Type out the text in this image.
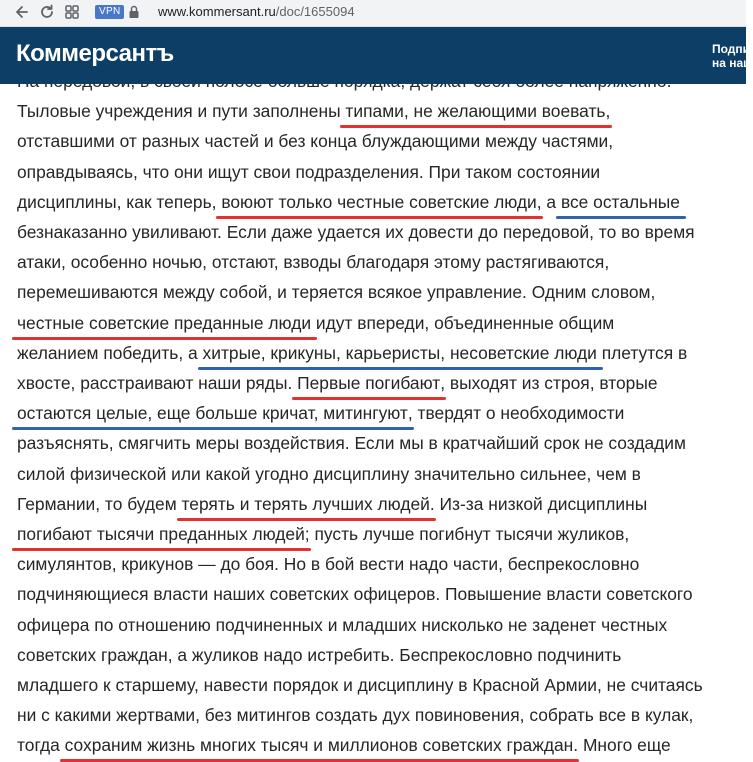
VPN	www.kommersant.ru/doc/1655094
Коммерсантъ	Подпи
на наш
Тыловые учреждения и пути заполнены типами, не желающими воевать,
отставшими от разных частей и без конца блуждающими между частями,
оправдываясь, что они ищут свои подразделения. При таком состоянии
дисциплины, как теперь, воюют только честные советские люди, а все остальные
безнаказанно увиливают. Если даже удается их довести до передовой, то во время
атаки, особенно ночью, отстают, взводы благодаря этому растягиваются,
перемешиваются между собой, и теряется всякое управление. Одним словом,
честные советские преданные люди идут впереди, объединенные общим
желанием победить, а хитрые, крикуны, карьеристы, несоветские люди плетутся в
хвосте, расстраивают наши ряды. Первые погибают, выходят из строя, вторые
остаются целые, еще больше кричат, митингуют, твердят о необходимости
разъяснять, смягчить меры воздействия. Если мы в кратчайший срок не создадим
силой физической или какой угодно дисциплину значительно сильнее, чем в
Германии, то будем терять и терять лучших людей. Из-за низкой дисциплины
погибают тысячи преданных людей; пусть лучше погибнут тысячи жуликов,
симулянтов, крикунов — до боя. Но в бой вести надо части, беспрекословно
подчиняющиеся власти наших советских офицеров. Повышение власти советского
офицера по отношению подчиненных и младших нисколько не заденет честных
советских граждан, а жуликов надо истребить. Беспрекословно подчинить
младшего к старшему, навести порядок и дисциплину в Красной Армии, не считаясь
ни с какими жертвами, без митингов создать дух повиновения, собрать все в кулак,
тогда сохраним жизнь многих тысяч и миллионов советских граждан. Много еще
